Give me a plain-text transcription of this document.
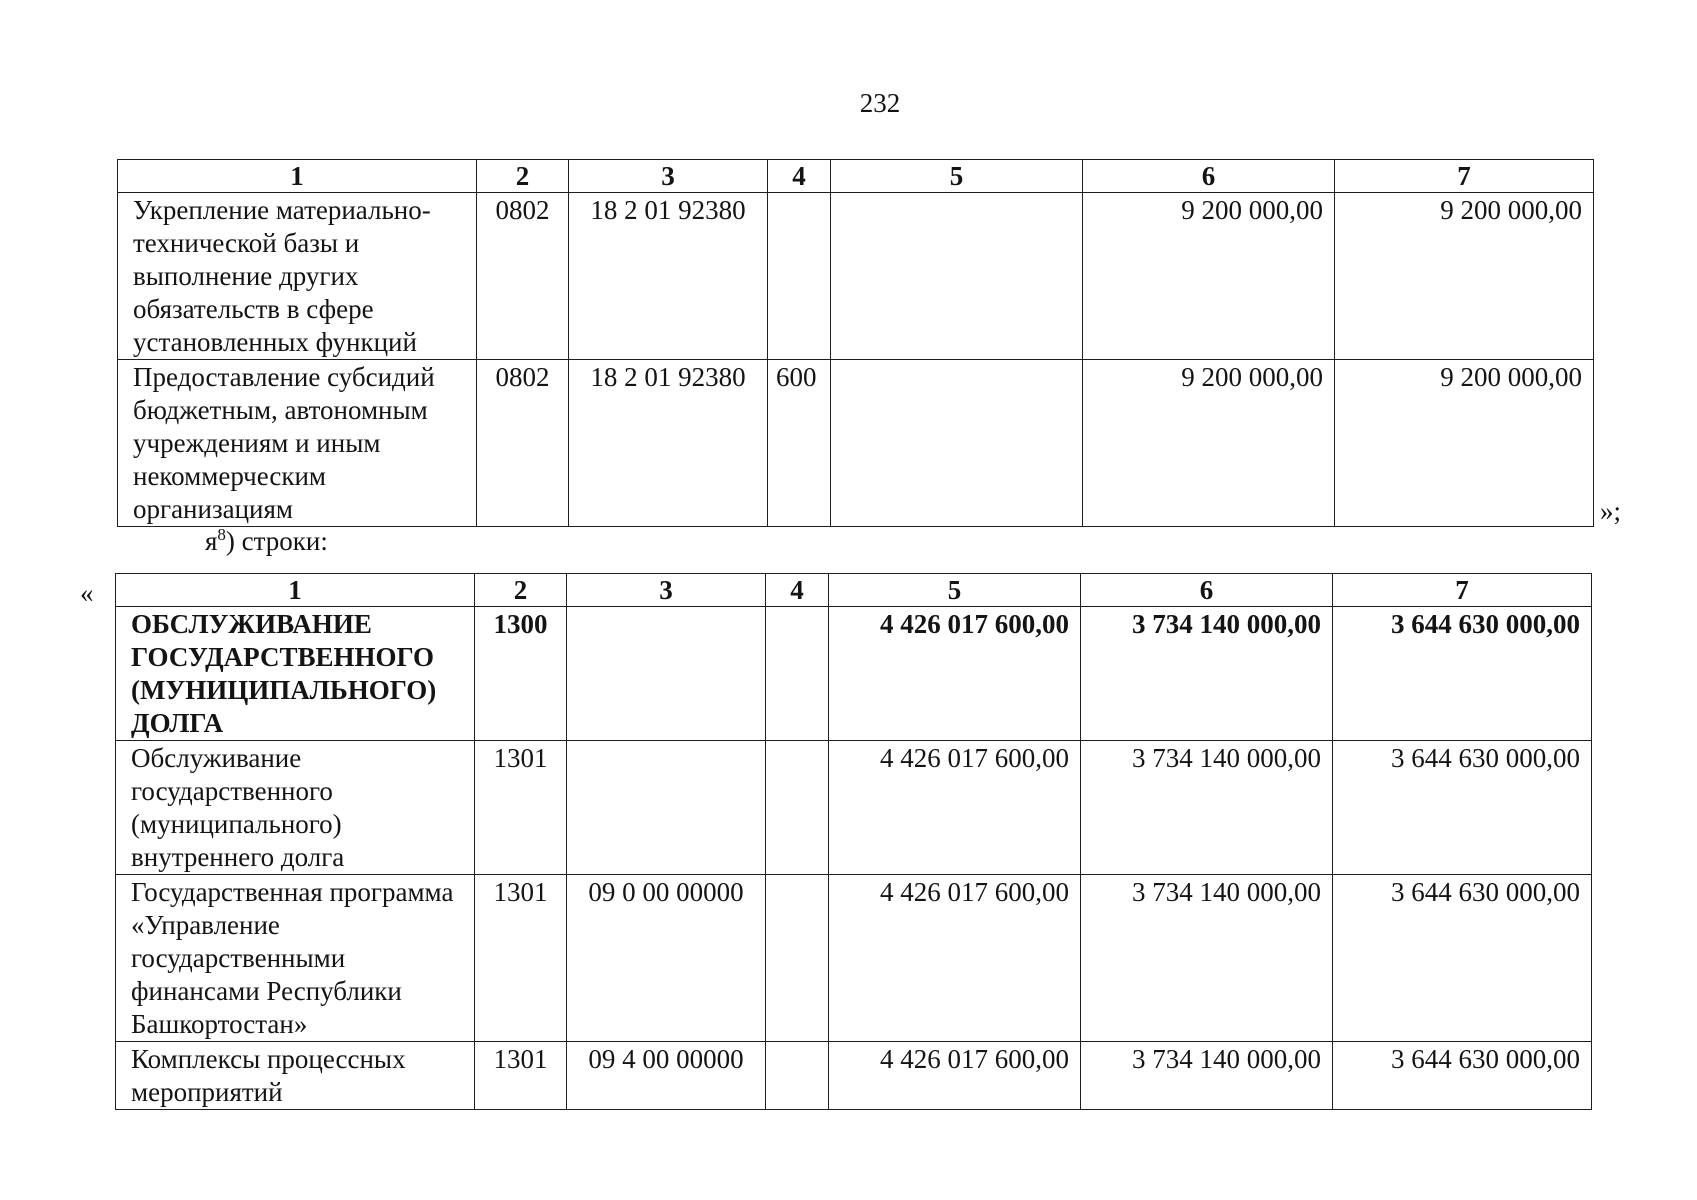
232
1	2	3	4	5	6	7
Укрепление материально-технической базы и выполнение других обязательств в сфере установленных функций	0802	18 2 01 92380			9 200 000,00	9 200 000,00
Предоставление субсидий бюджетным, автономным учреждениям и иным некоммерческим организациям	0802	18 2 01 92380	600		9 200 000,00	9 200 000,00
»;
$я^8$) строки:
«	1	2	3	4	5	6	7
ОБСЛУЖИВАНИЕ ГОСУДАРСТВЕННОГО (МУНИЦИПАЛЬНОГО) ДОЛГА	1300			4 426 017 600,00	3 734 140 000,00	3 644 630 000,00
Обслуживание государственного (муниципального) внутреннего долга	1301			4 426 017 600,00	3 734 140 000,00	3 644 630 000,00
Государственная программа «Управление государственными финансами Республики Башкортостан»	1301	09 0 00 00000		4 426 017 600,00	3 734 140 000,00	3 644 630 000,00
Комплексы процессных мероприятий	1301	09 4 00 00000		4 426 017 600,00	3 734 140 000,00	3 644 630 000,00
